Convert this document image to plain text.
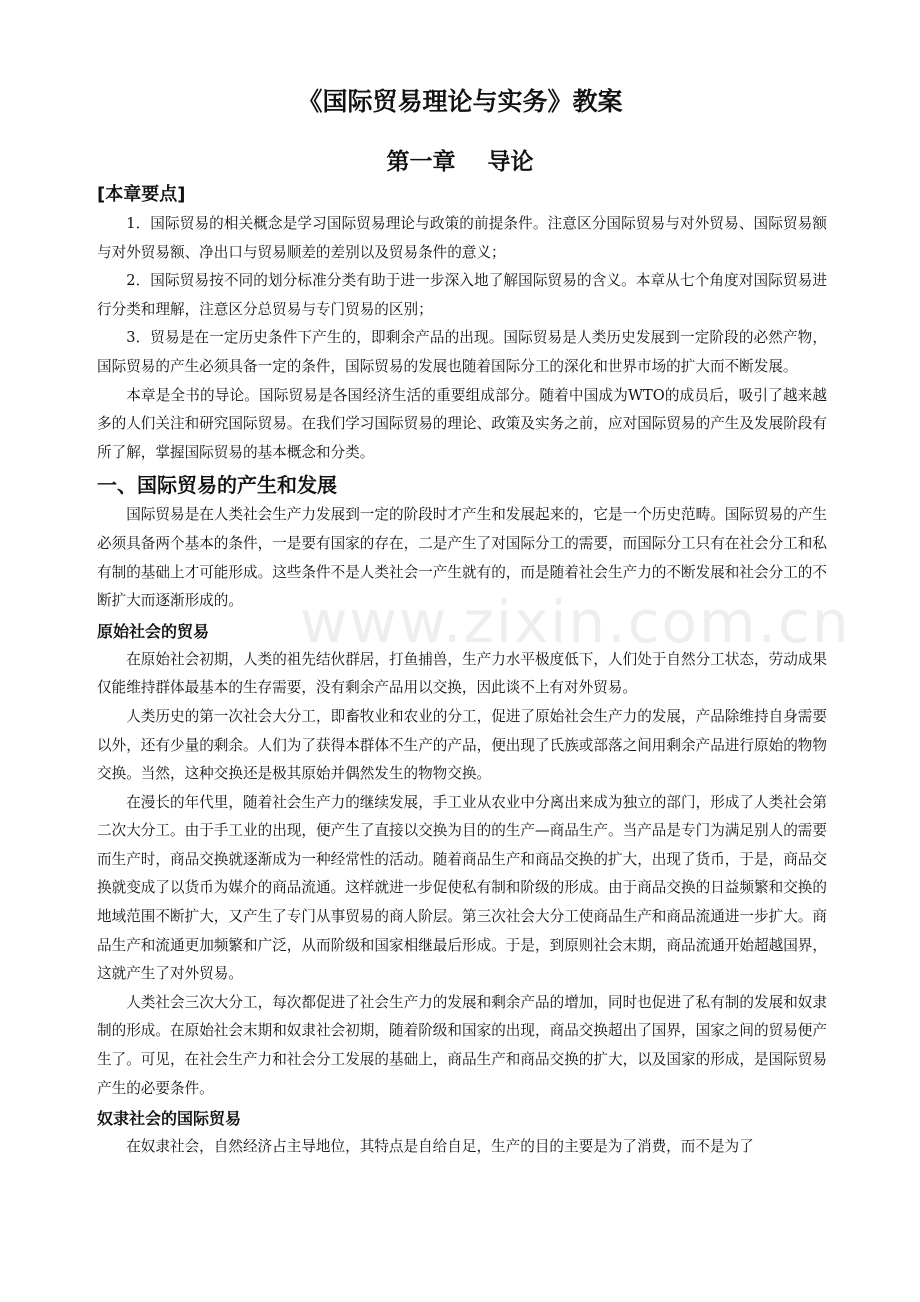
www.zixin.com.cn
《国际贸易理论与实务》教案
第一章    导论
[本章要点]

1．国际贸易的相关概念是学习国际贸易理论与政策的前提条件。注意区分国际贸易与对外贸易、国际贸易额与对外贸易额、净出口与贸易顺差的差别以及贸易条件的意义；

2．国际贸易按不同的划分标准分类有助于进一步深入地了解国际贸易的含义。本章从七个角度对国际贸易进行分类和理解，注意区分总贸易与专门贸易的区别；

3．贸易是在一定历史条件下产生的，即剩余产品的出现。国际贸易是人类历史发展到一定阶段的必然产物，国际贸易的产生必须具备一定的条件，国际贸易的发展也随着国际分工的深化和世界市场的扩大而不断发展。

本章是全书的导论。国际贸易是各国经济生活的重要组成部分。随着中国成为WTO的成员后，吸引了越来越多的人们关注和研究国际贸易。在我们学习国际贸易的理论、政策及实务之前，应对国际贸易的产生及发展阶段有所了解，掌握国际贸易的基本概念和分类。

一、国际贸易的产生和发展

国际贸易是在人类社会生产力发展到一定的阶段时才产生和发展起来的，它是一个历史范畴。国际贸易的产生必须具备两个基本的条件，一是要有国家的存在，二是产生了对国际分工的需要，而国际分工只有在社会分工和私有制的基础上才可能形成。这些条件不是人类社会一产生就有的，而是随着社会生产力的不断发展和社会分工的不断扩大而逐渐形成的。

原始社会的贸易

在原始社会初期，人类的祖先结伙群居，打鱼捕兽，生产力水平极度低下，人们处于自然分工状态，劳动成果仅能维持群体最基本的生存需要，没有剩余产品用以交换，因此谈不上有对外贸易。

人类历史的第一次社会大分工，即畜牧业和农业的分工，促进了原始社会生产力的发展，产品除维持自身需要以外，还有少量的剩余。人们为了获得本群体不生产的产品，便出现了氏族或部落之间用剩余产品进行原始的物物交换。当然，这种交换还是极其原始并偶然发生的物物交换。

在漫长的年代里，随着社会生产力的继续发展，手工业从农业中分离出来成为独立的部门，形成了人类社会第二次大分工。由于手工业的出现，便产生了直接以交换为目的的生产—商品生产。当产品是专门为满足别人的需要而生产时，商品交换就逐渐成为一种经常性的活动。随着商品生产和商品交换的扩大，出现了货币，于是，商品交换就变成了以货币为媒介的商品流通。这样就进一步促使私有制和阶级的形成。由于商品交换的日益频繁和交换的地域范围不断扩大，又产生了专门从事贸易的商人阶层。第三次社会大分工使商品生产和商品流通进一步扩大。商品生产和流通更加频繁和广泛，从而阶级和国家相继最后形成。于是，到原则社会末期，商品流通开始超越国界，这就产生了对外贸易。

人类社会三次大分工，每次都促进了社会生产力的发展和剩余产品的增加，同时也促进了私有制的发展和奴隶制的形成。在原始社会末期和奴隶社会初期，随着阶级和国家的出现，商品交换超出了国界，国家之间的贸易便产生了。可见，在社会生产力和社会分工发展的基础上，商品生产和商品交换的扩大，以及国家的形成，是国际贸易产生的必要条件。

奴隶社会的国际贸易

在奴隶社会，自然经济占主导地位，其特点是自给自足，生产的目的主要是为了消费，而不是为了
